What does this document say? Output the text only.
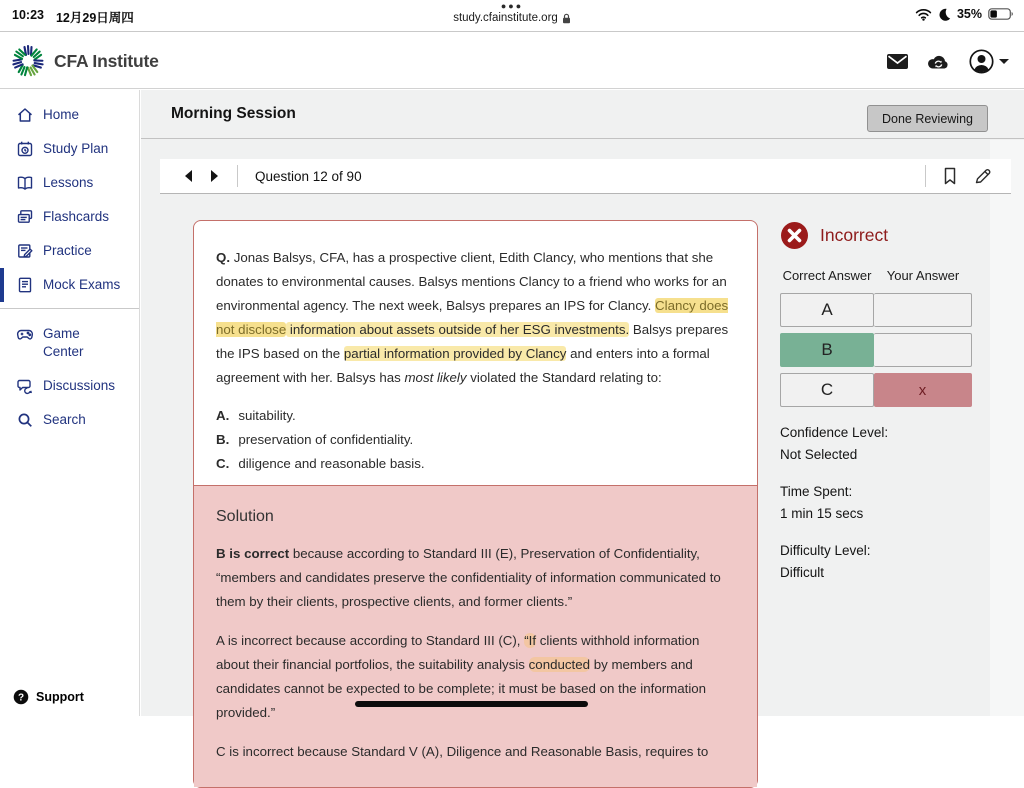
10:23 12月29日周四
●●●
study.cfainstitute.org	35%
CFA Institute
Home
Study Plan
Lessons
Flashcards
Practice
Mock Exams
Game Center
Discussions
Search
? Support
Morning Session	Done Reviewing
Question 12 of 90

Q. Jonas Balsys, CFA, has a prospective client, Edith Clancy, who mentions that she donates to environmental causes. Balsys mentions Clancy to a friend who works for an environmental agency. The next week, Balsys prepares an IPS for Clancy. Clancy does not disclose information about assets outside of her ESG investments. Balsys prepares the IPS based on the partial information provided by Clancy and enters into a formal agreement with her. Balsys has most likely violated the Standard relating to:

A. suitability.
B. preservation of confidentiality.
C. diligence and reasonable basis.
Solution

B is correct because according to Standard III (E), Preservation of Confidentiality, “members and candidates preserve the confidentiality of information communicated to them by their clients, prospective clients, and former clients.”

A is incorrect because according to Standard III (C), “If clients withhold information about their financial portfolios, the suitability analysis conducted by members and candidates cannot be expected to be complete; it must be based on the information provided.”

C is incorrect because Standard V (A), Diligence and Reasonable Basis, requires to

Incorrect
Correct Answer	Your Answer
A
B
C	x
Confidence Level:
Not Selected
Time Spent:
1 min 15 secs
Difficulty Level:
Difficult
